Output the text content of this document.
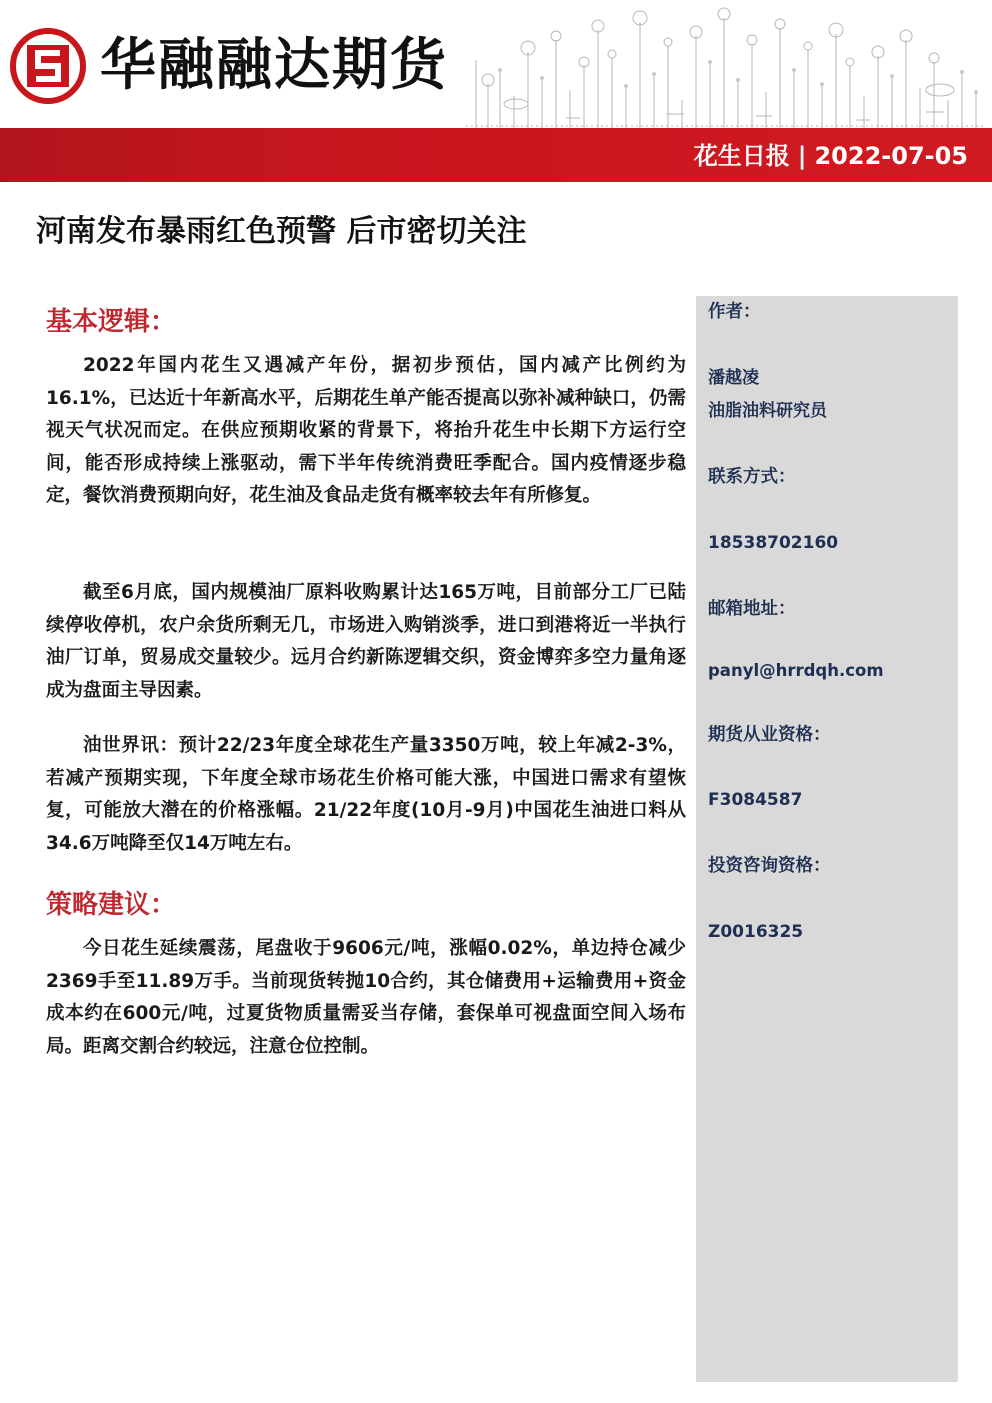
华融融达期货
花生日报 | 2022-07-05
河南发布暴雨红色预警 后市密切关注
基本逻辑：

2022年国内花生又遇减产年份，据初步预估，国内减产比例约为16.1%，已达近十年新高水平，后期花生单产能否提高以弥补减种缺口，仍需视天气状况而定。在供应预期收紧的背景下，将抬升花生中长期下方运行空间，能否形成持续上涨驱动，需下半年传统消费旺季配合。国内疫情逐步稳定，餐饮消费预期向好，花生油及食品走货有概率较去年有所修复。

截至6月底，国内规模油厂原料收购累计达165万吨，目前部分工厂已陆续停收停机，农户余货所剩无几，市场进入购销淡季，进口到港将近一半执行油厂订单，贸易成交量较少。远月合约新陈逻辑交织，资金博弈多空力量角逐成为盘面主导因素。

油世界讯：预计22/23年度全球花生产量3350万吨，较上年减2-3%，若减产预期实现，下年度全球市场花生价格可能大涨，中国进口需求有望恢复，可能放大潜在的价格涨幅。21/22年度(10月-9月)中国花生油进口料从34.6万吨降至仅14万吨左右。

策略建议：

今日花生延续震荡，尾盘收于9606元/吨，涨幅0.02%，单边持仓减少2369手至11.89万手。当前现货转抛10合约，其仓储费用+运输费用+资金成本约在600元/吨，过夏货物质量需妥当存储，套保单可视盘面空间入场布局。距离交割合约较远，注意仓位控制。

作者：
潘越凌
油脂油料研究员
联系方式：
18538702160
邮箱地址：
panyl@hrrdqh.com
期货从业资格：
F3084587
投资咨询资格：
Z0016325
